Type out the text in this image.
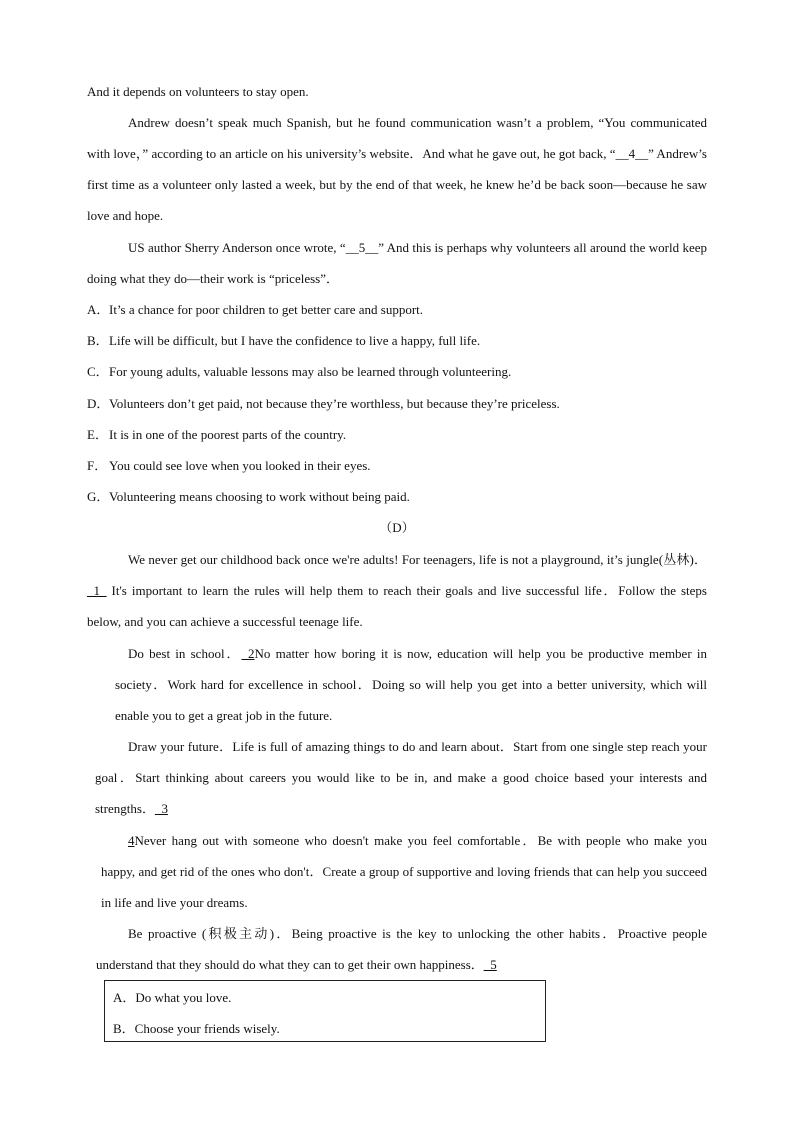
And it depends on volunteers to stay open.
Andrew doesn’t speak much Spanish, but he found communication wasn’t a problem, “You communicated with love，” according to an article on his university’s website．And what he gave out, he got back, “__4__” Andrew’s first time as a volunteer only lasted a week, but by the end of that week, he knew he’d be back soon—because he saw love and hope.
US author Sherry Anderson once wrote, “__5__” And this is perhaps why volunteers all around the world keep doing what they do—their work is “priceless”．
A．It’s a chance for poor children to get better care and support.
B．Life will be difficult, but I have the confidence to live a happy, full life.
C．For young adults, valuable lessons may also be learned through volunteering.
D．Volunteers don’t get paid, not because they’re worthless, but because they’re priceless.
E．It is in one of the poorest parts of the country.
F． You could see love when you looked in their eyes.
G．Volunteering means choosing to work without being paid.
（D）
We never get our childhood back once we're adults! For teenagers, life is not a playground, it’s jungle(丛林)．_1_ It's important to learn the rules will help them to reach their goals and live successful life．Follow the steps below, and you can achieve a successful teenage life.
Do best in school．_2No matter how boring it is now, education will help you be productive member in society．Work hard for excellence in school．Doing so will help you get into a better university, which will enable you to get a great job in the future.
Draw your future．Life is full of amazing things to do and learn about．Start from one single step reach your goal．Start thinking about careers you would like to be in, and make a good choice based your interests and strengths．_3
4Never hang out with someone who doesn't make you feel comfortable．Be with people who make you happy, and get rid of the ones who don't．Create a group of supportive and loving friends that can help you succeed in life and live your dreams.
Be proactive (积极主动)．Being proactive is the key to unlocking the other habits．Proactive people understand that they should do what they can to get their own happiness．_5
A．Do what you love.
B．Choose your friends wisely.
